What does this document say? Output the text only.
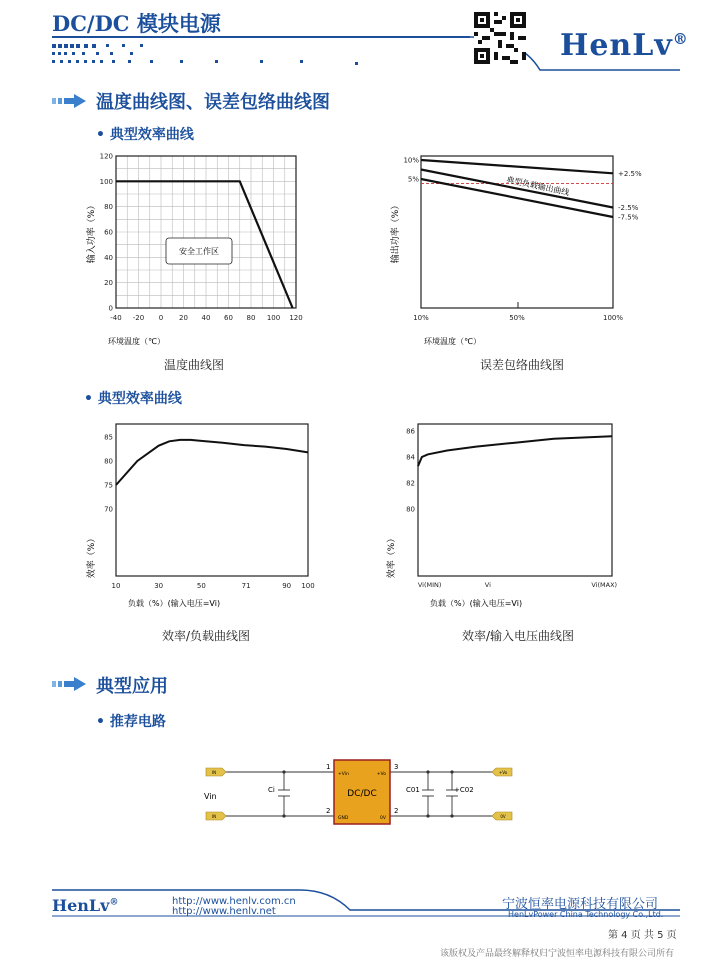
DC/DC 模块电源
HenLv®
温度曲线图、误差包络曲线图
• 典型效率曲线
0
20
40
60
80
100
120
-40 -20 0 20 40 60 80 100 120
安全工作区
输入功率（%）
环境温度（℃）
温度曲线图
10%
5%
10%	50%	100%
+2.5%
-2.5%
-7.5%
典型负载输出曲线
输出功率（%）
环境温度（℃）
误差包络曲线图
• 典型效率曲线
85
80
75
70
10	30	50	71	90 100
效率（%）
负载（%）(输入电压=Vi)
效率/负载曲线图
86
84
82
80
Vi(MIN)	Vi	Vi(MAX)
效率（%）
负载（%）(输入电压=Vi)
效率/输入电压曲线图
典型应用
• 推荐电路
DC/DC
+Vin	+Vo
GND	0V
1
2
3
2
Vin
Ci	C01	+C02
IN
IN
+Vo
0V
HenLv®	http://www.henlv.com.cn
http://www.henlv.net	宁波恒率电源科技有限公司
HenLvPower China Technology Co.,Ltd.
第 4 页 共 5 页
该版权及产品最终解释权归宁波恒率电源科技有限公司所有
